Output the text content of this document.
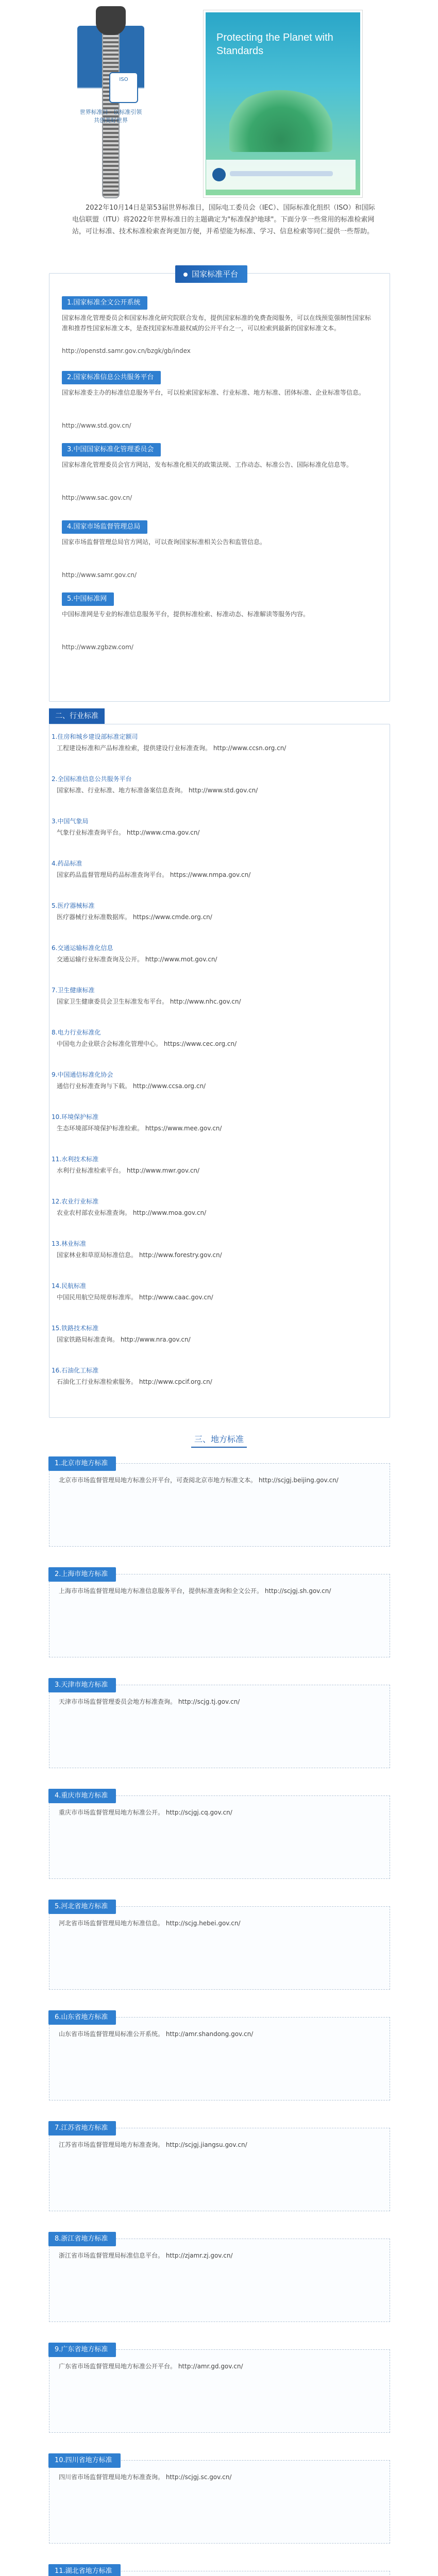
ISO
世界标准日 · 以标准引领 共创美好世界
Protecting the Planet with Standards
2022年10月14日是第53届世界标准日，国际电工委员会（IEC）、国际标准化组织（ISO）和国际电信联盟（ITU）将2022年世界标准日的主题确定为"标准保护地球"。下面分享一些常用的标准检索网站，可让标准、技术标准检索查询更加方便，并希望能为标准、学习、信息检索等同仁提供一些帮助。
国家标准平台
1.国家标准全文公开系统
国家标准化管理委员会和国家标准化研究院联合发布，提供国家标准的免费查阅服务，可以在线预览强制性国家标准和推荐性国家标准文本，是查找国家标准最权威的公开平台之一，可以检索到最新的国家标准文本。
http://openstd.samr.gov.cn/bzgk/gb/index
2.国家标准信息公共服务平台
国家标准委主办的标准信息服务平台，可以检索国家标准、行业标准、地方标准、团体标准、企业标准等信息。
http://www.std.gov.cn/
3.中国国家标准化管理委员会
国家标准化管理委员会官方网站，发布标准化相关的政策法规、工作动态、标准公告、国际标准化信息等。
http://www.sac.gov.cn/
4.国家市场监督管理总局
国家市场监督管理总局官方网站，可以查询国家标准相关公告和监管信息。
http://www.samr.gov.cn/
5.中国标准网
中国标准网是专业的标准信息服务平台，提供标准检索、标准动态、标准解读等服务内容。
http://www.zgbzw.com/
二、行业标准
1.住房和城乡建设部标准定额司
工程建设标准和产品标准检索，提供建设行业标准查询。 http://www.ccsn.org.cn/
2.全国标准信息公共服务平台
国家标准、行业标准、地方标准备案信息查询。 http://www.std.gov.cn/
3.中国气象局
气象行业标准查询平台。 http://www.cma.gov.cn/
4.药品标准
国家药品监督管理局药品标准查询平台。 https://www.nmpa.gov.cn/
5.医疗器械标准
医疗器械行业标准数据库。 https://www.cmde.org.cn/
6.交通运输标准化信息
交通运输行业标准查询及公开。 http://www.mot.gov.cn/
7.卫生健康标准
国家卫生健康委员会卫生标准发布平台。 http://www.nhc.gov.cn/
8.电力行业标准化
中国电力企业联合会标准化管理中心。 https://www.cec.org.cn/
9.中国通信标准化协会
通信行业标准查询与下载。 http://www.ccsa.org.cn/
10.环境保护标准
生态环境部环境保护标准检索。 https://www.mee.gov.cn/
11.水利技术标准
水利行业标准检索平台。 http://www.mwr.gov.cn/
12.农业行业标准
农业农村部农业标准查询。 http://www.moa.gov.cn/
13.林业标准
国家林业和草原局标准信息。 http://www.forestry.gov.cn/
14.民航标准
中国民用航空局规章标准库。 http://www.caac.gov.cn/
15.铁路技术标准
国家铁路局标准查询。 http://www.nra.gov.cn/
16.石油化工标准
石油化工行业标准检索服务。 http://www.cpcif.org.cn/
三、地方标准
1.北京市地方标准
北京市市场监督管理局地方标准公开平台，可查阅北京市地方标准文本。 http://scjgj.beijing.gov.cn/
2.上海市地方标准
上海市市场监督管理局地方标准信息服务平台，提供标准查询和全文公开。 http://scjgj.sh.gov.cn/
3.天津市地方标准
天津市市场监督管理委员会地方标准查询。 http://scjg.tj.gov.cn/
4.重庆市地方标准
重庆市市场监督管理局地方标准公开。 http://scjgj.cq.gov.cn/
5.河北省地方标准
河北省市场监督管理局地方标准信息。 http://scjg.hebei.gov.cn/
6.山东省地方标准
山东省市场监督管理局标准公开系统。 http://amr.shandong.gov.cn/
7.江苏省地方标准
江苏省市场监督管理局地方标准查询。 http://scjgj.jiangsu.gov.cn/
8.浙江省地方标准
浙江省市场监督管理局标准信息平台。 http://zjamr.zj.gov.cn/
9.广东省地方标准
广东省市场监督管理局地方标准公开平台。 http://amr.gd.gov.cn/
10.四川省地方标准
四川省市场监督管理局地方标准查询。 http://scjgj.sc.gov.cn/
11.湖北省地方标准
